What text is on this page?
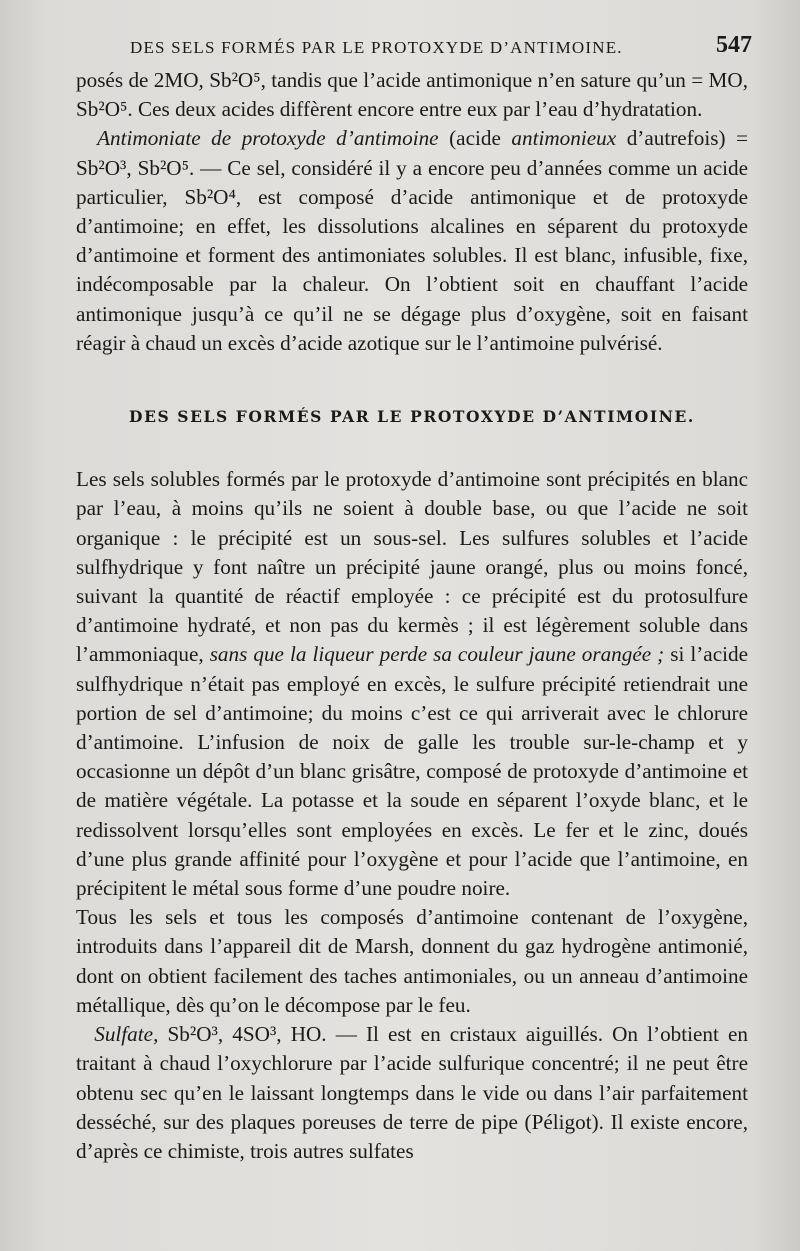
DES SELS FORMÉS PAR LE PROTOXYDE D’ANTIMOINE.	547

posés de 2MO, Sb²O⁵, tandis que l’acide antimonique n’en sature qu’un = MO, Sb²O⁵. Ces deux acides diffèrent encore entre eux par l’eau d’hydratation.

Antimoniate de protoxyde d’antimoine (acide antimonieux d’autrefois) = Sb²O³, Sb²O⁵. — Ce sel, considéré il y a encore peu d’années comme un acide particulier, Sb²O⁴, est composé d’acide antimonique et de protoxyde d’antimoine; en effet, les dissolutions alcalines en séparent du protoxyde d’antimoine et forment des antimoniates solubles. Il est blanc, infusible, fixe, indécomposable par la chaleur. On l’obtient soit en chauffant l’acide antimonique jusqu’à ce qu’il ne se dégage plus d’oxygène, soit en faisant réagir à chaud un excès d’acide azotique sur le l’antimoine pulvérisé.

DES SELS FORMÉS PAR LE PROTOXYDE D’ANTIMOINE.

Les sels solubles formés par le protoxyde d’antimoine sont précipités en blanc par l’eau, à moins qu’ils ne soient à double base, ou que l’acide ne soit organique : le précipité est un sous-sel. Les sulfures solubles et l’acide sulfhydrique y font naître un précipité jaune orangé, plus ou moins foncé, suivant la quantité de réactif employée : ce précipité est du protosulfure d’antimoine hydraté, et non pas du kermès ; il est légèrement soluble dans l’ammoniaque, sans que la liqueur perde sa couleur jaune orangée ; si l’acide sulfhydrique n’était pas employé en excès, le sulfure précipité retiendrait une portion de sel d’antimoine; du moins c’est ce qui arriverait avec le chlorure d’antimoine. L’infusion de noix de galle les trouble sur-le-champ et y occasionne un dépôt d’un blanc grisâtre, composé de protoxyde d’antimoine et de matière végétale. La potasse et la soude en séparent l’oxyde blanc, et le redissolvent lorsqu’elles sont employées en excès. Le fer et le zinc, doués d’une plus grande affinité pour l’oxygène et pour l’acide que l’antimoine, en précipitent le métal sous forme d’une poudre noire.

Tous les sels et tous les composés d’antimoine contenant de l’oxygène, introduits dans l’appareil dit de Marsh, donnent du gaz hydrogène antimonié, dont on obtient facilement des taches antimoniales, ou un anneau d’antimoine métallique, dès qu’on le décompose par le feu.

Sulfate, Sb²O³, 4SO³, HO. — Il est en cristaux aiguillés. On l’obtient en traitant à chaud l’oxychlorure par l’acide sulfurique concentré; il ne peut être obtenu sec qu’en le laissant longtemps dans le vide ou dans l’air parfaitement desséché, sur des plaques poreuses de terre de pipe (Péligot). Il existe encore, d’après ce chimiste, trois autres sulfates
